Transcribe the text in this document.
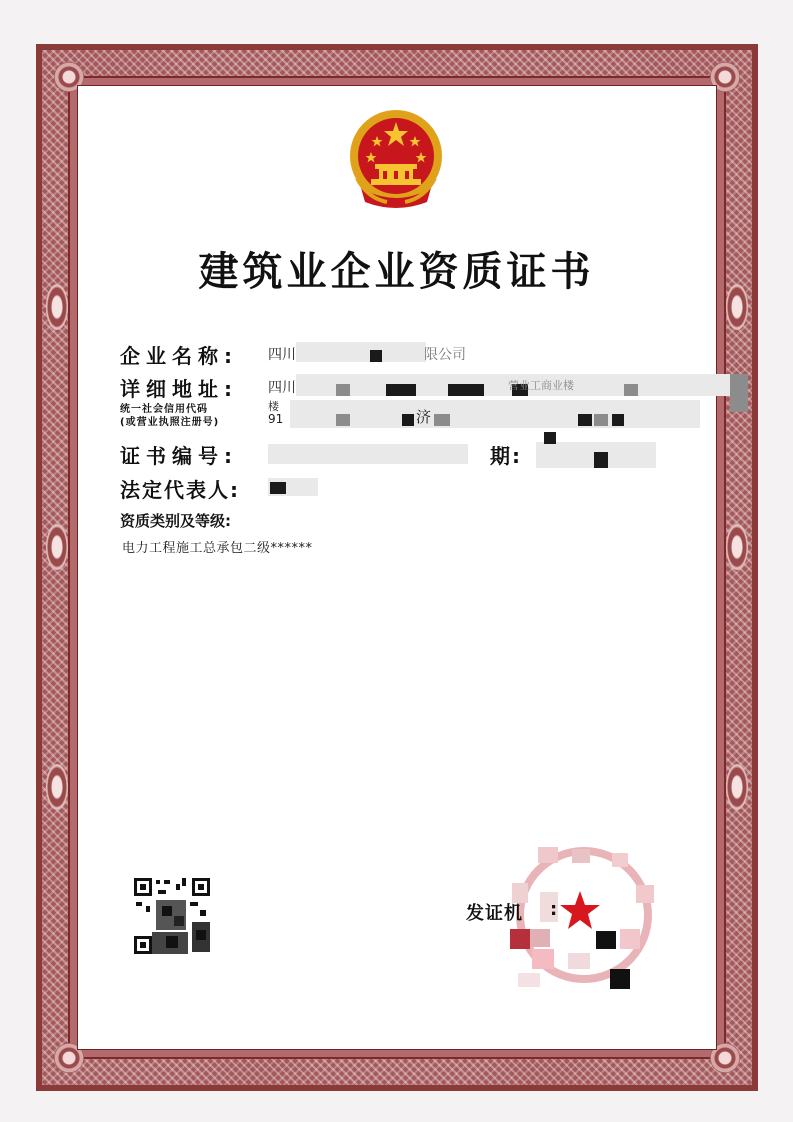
建筑业企业资质证书
企业名称: 四川	限公司
详细地址: 四川	营业工商业楼
统一社会信用代码
(或营业执照注册号)
楼
91	济
证书编号:	期:
法定代表人:
资质类别及等级:
电力工程施工总承包二级******
发证机 :
